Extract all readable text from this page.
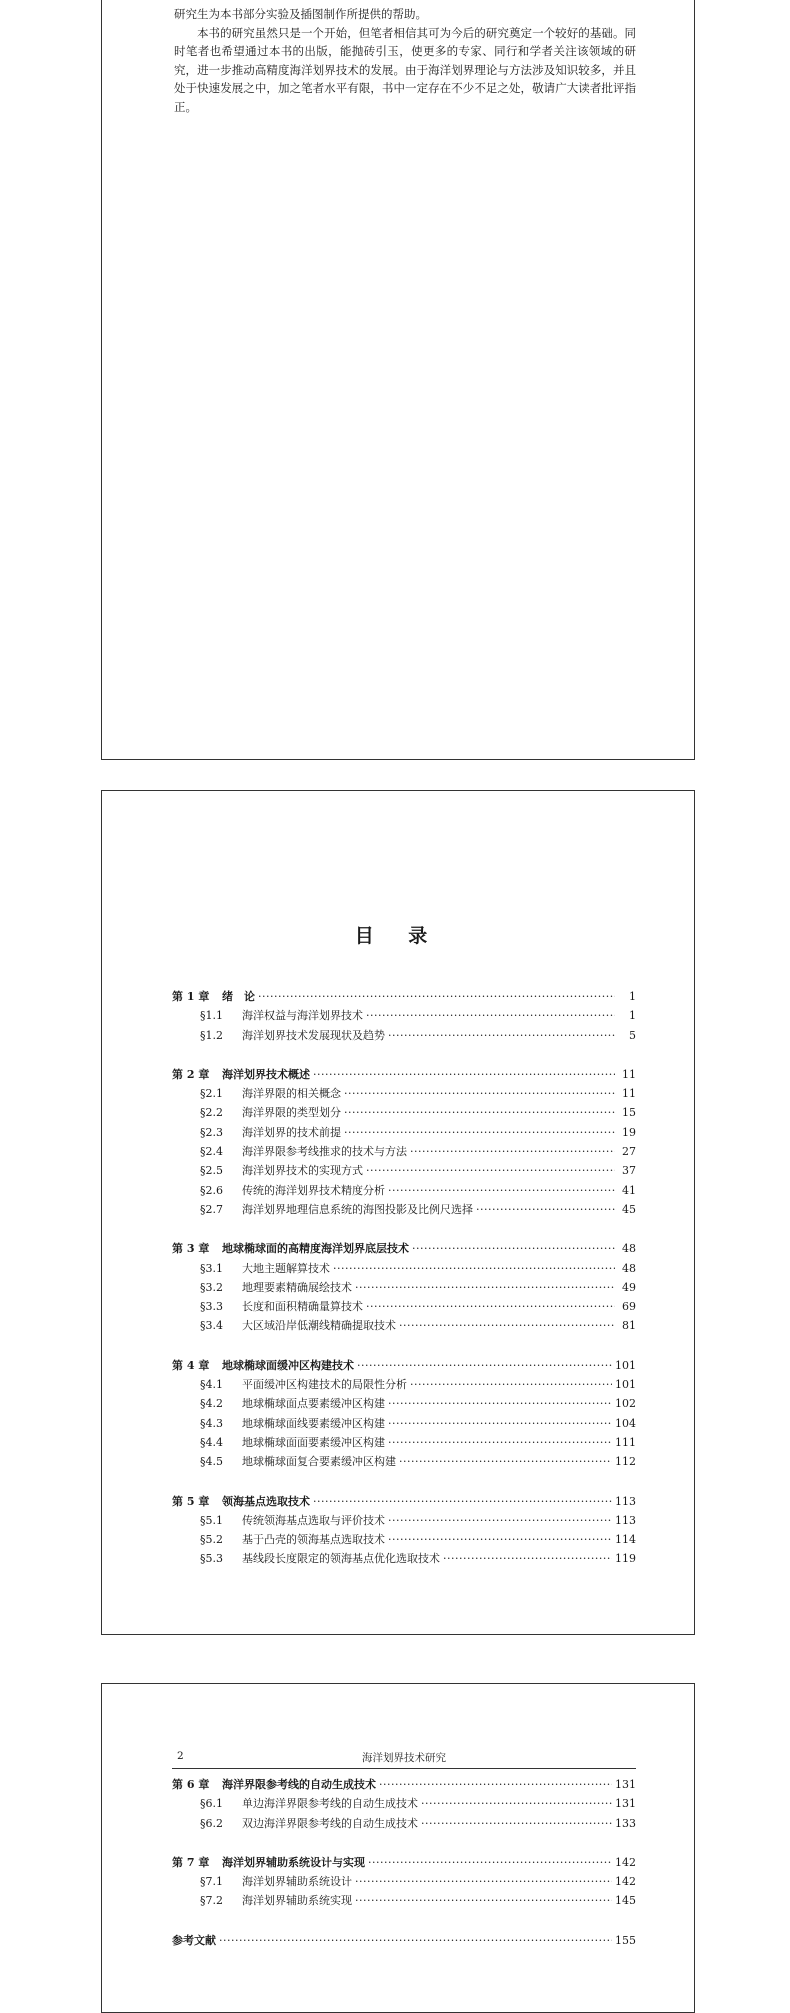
研究生为本书部分实验及插图制作所提供的帮助。

本书的研究虽然只是一个开始，但笔者相信其可为今后的研究奠定一个较好的基础。同时笔者也希望通过本书的出版，能抛砖引玉，使更多的专家、同行和学者关注该领域的研究，进一步推动高精度海洋划界技术的发展。由于海洋划界理论与方法涉及知识较多，并且处于快速发展之中，加之笔者水平有限，书中一定存在不少不足之处，敬请广大读者批评指正。

目 录
第 1 章	绪　论 ·····	1
§1.1	海洋权益与海洋划界技术 ·····	1
§1.2	海洋划界技术发展现状及趋势 ·····	5
第 2 章	海洋划界技术概述 ·····	11
§2.1	海洋界限的相关概念 ·····	11
§2.2	海洋界限的类型划分 ·····	15
§2.3	海洋划界的技术前提 ·····	19
§2.4	海洋界限参考线推求的技术与方法 ·····	27
§2.5	海洋划界技术的实现方式 ·····	37
§2.6	传统的海洋划界技术精度分析 ·····	41
§2.7	海洋划界地理信息系统的海图投影及比例尺选择 ·····	45
第 3 章	地球椭球面的高精度海洋划界底层技术 ·····	48
§3.1	大地主题解算技术 ·····	48
§3.2	地理要素精确展绘技术 ·····	49
§3.3	长度和面积精确量算技术 ·····	69
§3.4	大区域沿岸低潮线精确提取技术 ·····	81
第 4 章	地球椭球面缓冲区构建技术 ·····	101
§4.1	平面缓冲区构建技术的局限性分析 ·····	101
§4.2	地球椭球面点要素缓冲区构建 ·····	102
§4.3	地球椭球面线要素缓冲区构建 ·····	104
§4.4	地球椭球面面要素缓冲区构建 ·····	111
§4.5	地球椭球面复合要素缓冲区构建 ·····	112
第 5 章	领海基点选取技术 ·····	113
§5.1	传统领海基点选取与评价技术 ·····	113
§5.2	基于凸壳的领海基点选取技术 ·····	114
§5.3	基线段长度限定的领海基点优化选取技术 ·····	119
2	海洋划界技术研究
第 6 章	海洋界限参考线的自动生成技术 ·····	131
§6.1	单边海洋界限参考线的自动生成技术 ·····	131
§6.2	双边海洋界限参考线的自动生成技术 ·····	133
第 7 章	海洋划界辅助系统设计与实现 ·····	142
§7.1	海洋划界辅助系统设计 ·····	142
§7.2	海洋划界辅助系统实现 ·····	145
参考文献 ·····	155
